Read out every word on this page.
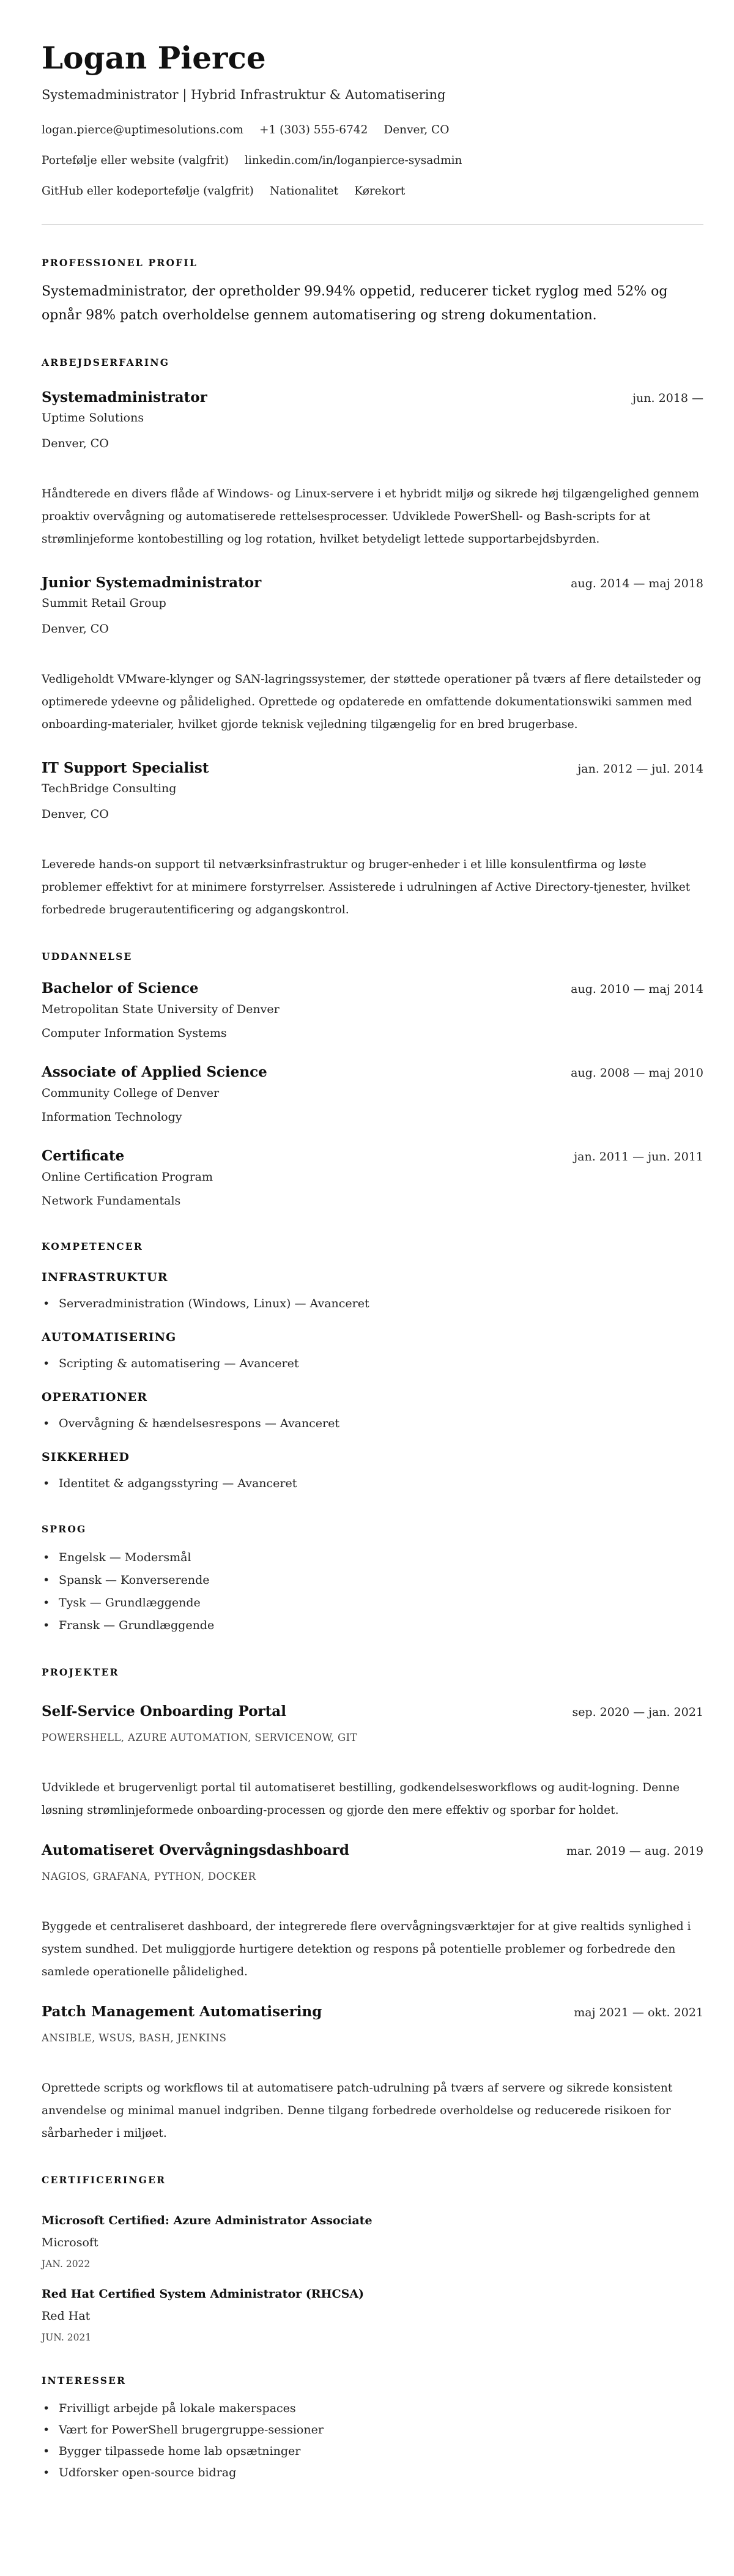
Logan Pierce
Systemadministrator | Hybrid Infrastruktur & Automatisering
logan.pierce@uptimesolutions.com +1 (303) 555-6742 Denver, CO
Portefølje eller website (valgfrit) linkedin.com/in/loganpierce-sysadmin
GitHub eller kodeportefølje (valgfrit) Nationalitet Kørekort
PROFESSIONEL PROFIL
Systemadministrator, der opretholder 99.94% oppetid, reducerer ticket ryglog med 52% og opnår 98% patch overholdelse gennem automatisering og streng dokumentation.
ARBEJDSERFARING
Systemadministrator	jun. 2018 —
Uptime Solutions
Denver, CO
Håndterede en divers flåde af Windows- og Linux-servere i et hybridt miljø og sikrede høj tilgængelighed gennem proaktiv overvågning og automatiserede rettelsesprocesser. Udviklede PowerShell- og Bash-scripts for at strømlinjeforme kontobestilling og log rotation, hvilket betydeligt lettede supportarbejdsbyrden.
Junior Systemadministrator	aug. 2014 — maj 2018
Summit Retail Group
Denver, CO
Vedligeholdt VMware-klynger og SAN-lagringssystemer, der støttede operationer på tværs af flere detailsteder og optimerede ydeevne og pålidelighed. Oprettede og opdaterede en omfattende dokumentationswiki sammen med onboarding-materialer, hvilket gjorde teknisk vejledning tilgængelig for en bred brugerbase.
IT Support Specialist	jan. 2012 — jul. 2014
TechBridge Consulting
Denver, CO
Leverede hands-on support til netværksinfrastruktur og bruger-enheder i et lille konsulentfirma og løste problemer effektivt for at minimere forstyrrelser. Assisterede i udrulningen af Active Directory-tjenester, hvilket forbedrede brugerautentificering og adgangskontrol.
UDDANNELSE
Bachelor of Science	aug. 2010 — maj 2014
Metropolitan State University of Denver
Computer Information Systems
Associate of Applied Science	aug. 2008 — maj 2010
Community College of Denver
Information Technology
Certificate	jan. 2011 — jun. 2011
Online Certification Program
Network Fundamentals
KOMPETENCER
INFRASTRUKTUR
• Serveradministration (Windows, Linux) — Avanceret
AUTOMATISERING
• Scripting & automatisering — Avanceret
OPERATIONER
• Overvågning & hændelsesrespons — Avanceret
SIKKERHED
• Identitet & adgangsstyring — Avanceret
SPROG
• Engelsk — Modersmål
• Spansk — Konverserende
• Tysk — Grundlæggende
• Fransk — Grundlæggende
PROJEKTER
Self-Service Onboarding Portal	sep. 2020 — jan. 2021
POWERSHELL, AZURE AUTOMATION, SERVICENOW, GIT
Udviklede et brugervenligt portal til automatiseret bestilling, godkendelsesworkflows og audit-logning. Denne løsning strømlinjeformede onboarding-processen og gjorde den mere effektiv og sporbar for holdet.
Automatiseret Overvågningsdashboard	mar. 2019 — aug. 2019
NAGIOS, GRAFANA, PYTHON, DOCKER
Byggede et centraliseret dashboard, der integrerede flere overvågningsværktøjer for at give realtids synlighed i system sundhed. Det muliggjorde hurtigere detektion og respons på potentielle problemer og forbedrede den samlede operationelle pålidelighed.
Patch Management Automatisering	maj 2021 — okt. 2021
ANSIBLE, WSUS, BASH, JENKINS
Oprettede scripts og workflows til at automatisere patch-udrulning på tværs af servere og sikrede konsistent anvendelse og minimal manuel indgriben. Denne tilgang forbedrede overholdelse og reducerede risikoen for sårbarheder i miljøet.
CERTIFICERINGER
Microsoft Certified: Azure Administrator Associate
Microsoft
JAN. 2022
Red Hat Certified System Administrator (RHCSA)
Red Hat
JUN. 2021
INTERESSER
• Frivilligt arbejde på lokale makerspaces
• Vært for PowerShell brugergruppe-sessioner
• Bygger tilpassede home lab opsætninger
• Udforsker open-source bidrag
